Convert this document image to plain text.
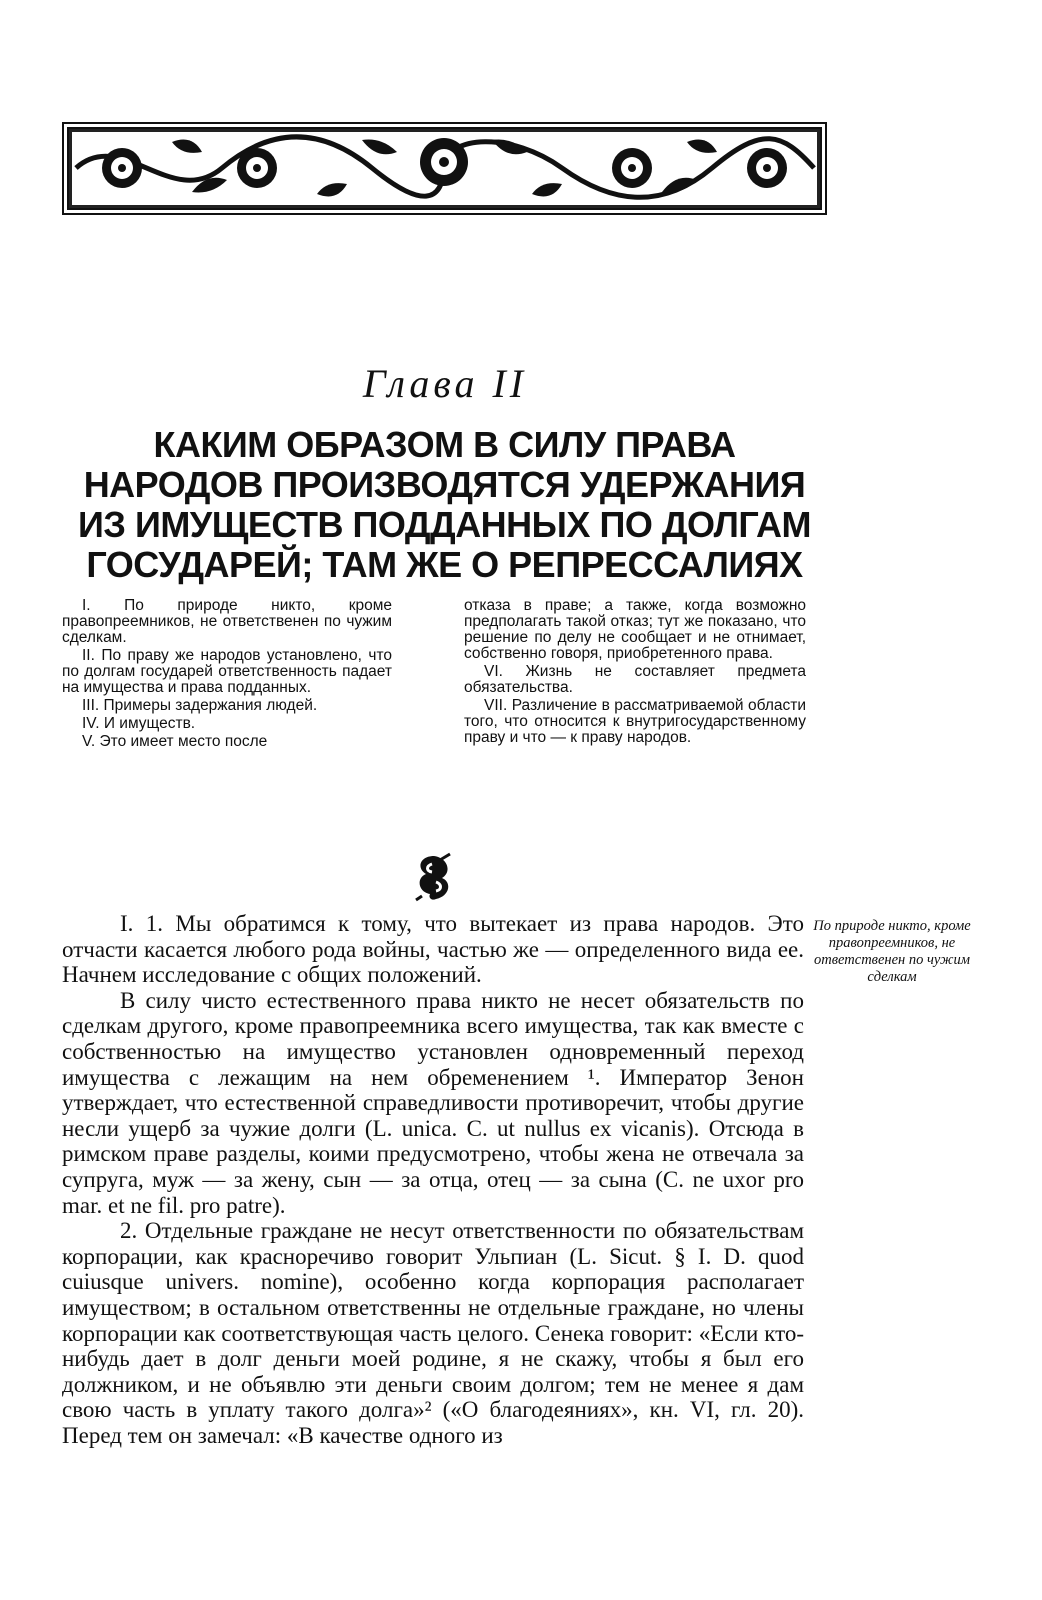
Глава II
КАКИМ ОБРАЗОМ В СИЛУ ПРАВА НАРОДОВ ПРОИЗВОДЯТСЯ УДЕРЖАНИЯ ИЗ ИМУЩЕСТВ ПОДДАННЫХ ПО ДОЛГАМ ГОСУДАРЕЙ; ТАМ ЖЕ О РЕПРЕССАЛИЯХ

I. По природе никто, кроме правопреемников, не ответственен по чужим сделкам.

II. По праву же народов установлено, что по долгам государей ответственность падает на имущества и права подданных.

III. Примеры задержания людей.

IV. И имуществ.

V. Это имеет место после

отказа в праве; а также, когда возможно предполагать такой отказ; тут же показано, что решение по делу не сообщает и не отнимает, собственно говоря, приобретенного права.

VI. Жизнь не составляет предмета обязательства.

VII. Различение в рассматриваемой области того, что относится к внутригосударственному праву и что — к праву народов.

I. 1. Мы обратимся к тому, что вытекает из права народов. Это отчасти касается любого рода войны, частью же — определенного вида ее. Начнем исследование с общих положений.

В силу чисто естественного права никто не несет обязательств по сделкам другого, кроме правопреемника всего имущества, так как вместе с собственностью на имущество установлен одновременный переход имущества с лежащим на нем обременением ¹. Император Зенон утверждает, что естественной справедливости противоречит, чтобы другие несли ущерб за чужие долги (L. unica. C. ut nullus ex vicanis). Отсюда в римском праве разделы, коими предусмотрено, чтобы жена не отвечала за супруга, муж — за жену, сын — за отца, отец — за сына (C. ne uxor pro mar. et ne fil. pro patre).

2. Отдельные граждане не несут ответственности по обязательствам корпорации, как красноречиво говорит Ульпиан (L. Sicut. § I. D. quod cuiusque univers. nomine), особенно когда корпорация располагает имуществом; в остальном ответственны не отдельные граждане, но члены корпорации как соответствующая часть целого. Сенека говорит: «Если кто-нибудь дает в долг деньги моей родине, я не скажу, чтобы я был его должником, и не объявлю эти деньги своим долгом; тем не менее я дам свою часть в уплату такого долга»² («О благодеяниях», кн. VI, гл. 20). Перед тем он замечал: «В качестве одного из

По природе никто, кроме правопреемников, не ответственен по чужим сделкам
